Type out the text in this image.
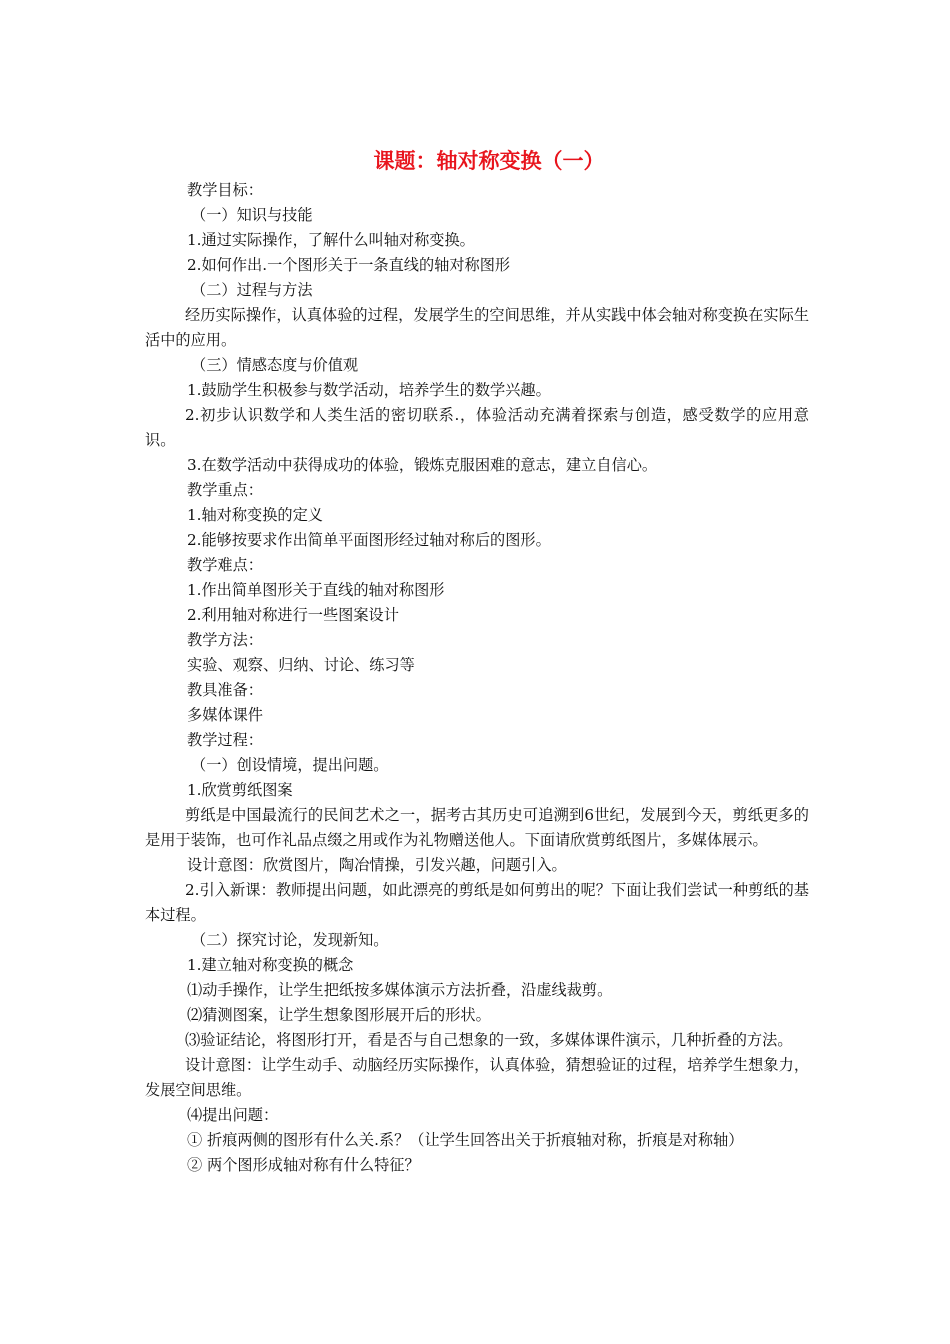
课题：轴对称变换（一）

教学目标：

（一）知识与技能

1.通过实际操作，了解什么叫轴对称变换。

2.如何作出.一个图形关于一条直线的轴对称图形

（二）过程与方法

经历实际操作，认真体验的过程，发展学生的空间思维，并从实践中体会轴对称变换在实际生活中的应用。

（三）情感态度与价值观

1.鼓励学生积极参与数学活动，培养学生的数学兴趣。

2.初步认识数学和人类生活的密切联系.，体验活动充满着探索与创造，感受数学的应用意识。

3.在数学活动中获得成功的体验，锻炼克服困难的意志，建立自信心。

教学重点：

1.轴对称变换的定义

2.能够按要求作出简单平面图形经过轴对称后的图形。

教学难点：

1.作出简单图形关于直线的轴对称图形

2.利用轴对称进行一些图案设计

教学方法：

实验、观察、归纳、讨论、练习等

教具准备：

多媒体课件

教学过程：

（一）创设情境，提出问题。

1.欣赏剪纸图案

剪纸是中国最流行的民间艺术之一，据考古其历史可追溯到6世纪，发展到今天，剪纸更多的是用于装饰，也可作礼品点缀之用或作为礼物赠送他人。下面请欣赏剪纸图片，多媒体展示。

设计意图：欣赏图片，陶冶情操，引发兴趣，问题引入。

2.引入新课：教师提出问题，如此漂亮的剪纸是如何剪出的呢？下面让我们尝试一种剪纸的基本过程。

（二）探究讨论，发现新知。

1.建立轴对称变换的概念

⑴动手操作，让学生把纸按多媒体演示方法折叠，沿虚线裁剪。

⑵猜测图案，让学生想象图形展开后的形状。

⑶验证结论，将图形打开，看是否与自己想象的一致，多媒体课件演示，几种折叠的方法。

设计意图：让学生动手、动脑经历实际操作，认真体验，猜想验证的过程，培养学生想象力，发展空间思维。

⑷提出问题：

① 折痕两侧的图形有什么关.系？（让学生回答出关于折痕轴对称，折痕是对称轴）

② 两个图形成轴对称有什么特征？
